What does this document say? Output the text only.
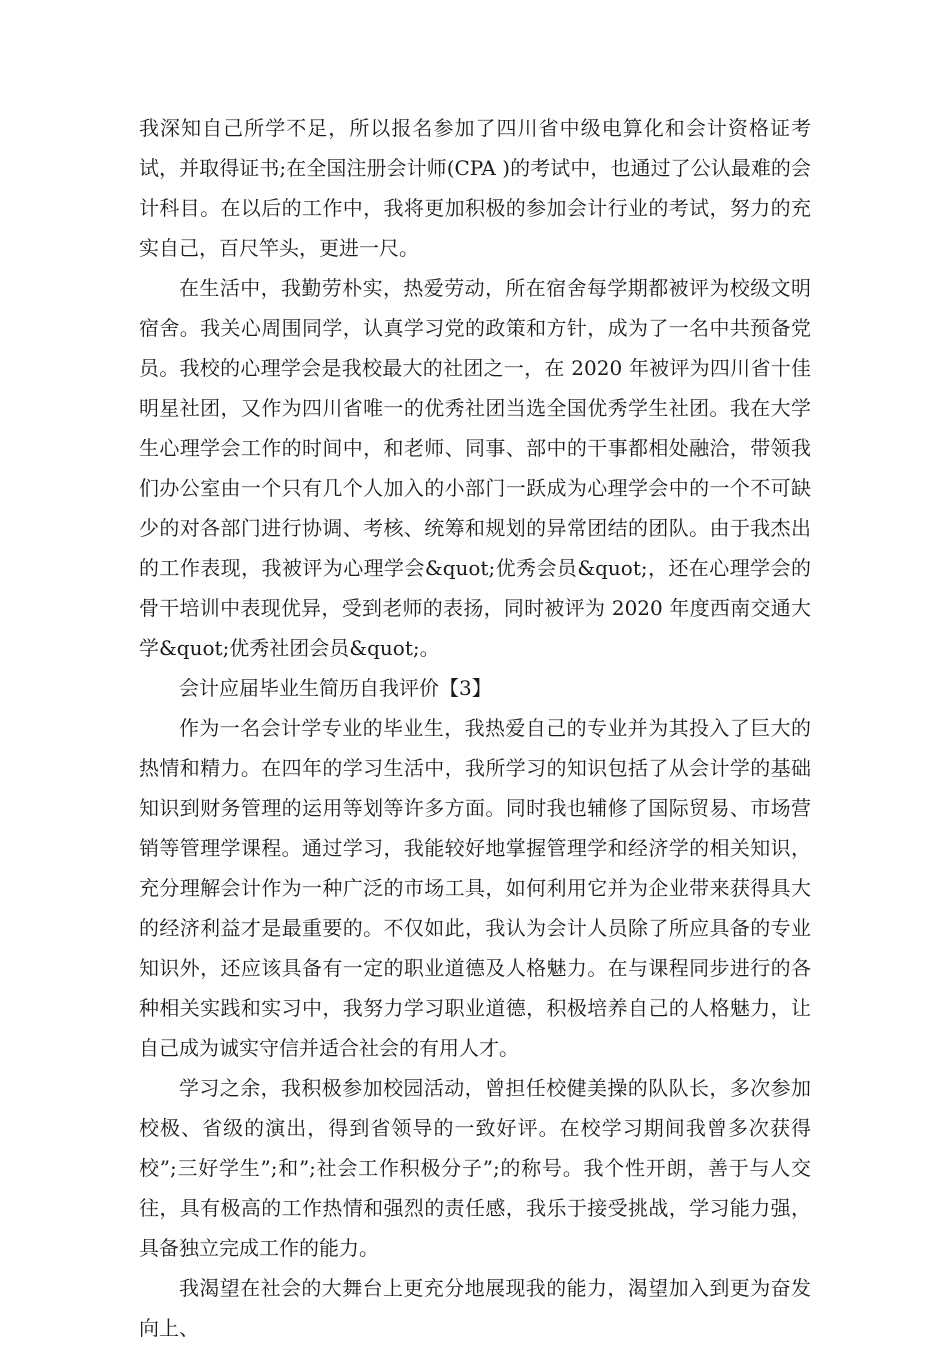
我深知自己所学不足，所以报名参加了四川省中级电算化和会计资格证考试，并取得证书;在全国注册会计师(CPA )的考试中，也通过了公认最难的会计科目。在以后的工作中，我将更加积极的参加会计行业的考试，努力的充实自己，百尺竿头，更进一尺。

在生活中，我勤劳朴实，热爱劳动，所在宿舍每学期都被评为校级文明宿舍。我关心周围同学，认真学习党的政策和方针，成为了一名中共预备党员。我校的心理学会是我校最大的社团之一，在 2020 年被评为四川省十佳明星社团，又作为四川省唯一的优秀社团当选全国优秀学生社团。我在大学生心理学会工作的时间中，和老师、同事、部中的干事都相处融洽，带领我们办公室由一个只有几个人加入的小部门一跃成为心理学会中的一个不可缺少的对各部门进行协调、考核、统筹和规划的异常团结的团队。由于我杰出的工作表现，我被评为心理学会&quot;优秀会员&quot;，还在心理学会的骨干培训中表现优异，受到老师的表扬，同时被评为 2020 年度西南交通大学&quot;优秀社团会员&quot;。

会计应届毕业生简历自我评价【3】

作为一名会计学专业的毕业生，我热爱自己的专业并为其投入了巨大的热情和精力。在四年的学习生活中，我所学习的知识包括了从会计学的基础知识到财务管理的运用等划等许多方面。同时我也辅修了国际贸易、市场营销等管理学课程。通过学习，我能较好地掌握管理学和经济学的相关知识，充分理解会计作为一种广泛的市场工具，如何利用它并为企业带来获得具大的经济利益才是最重要的。不仅如此，我认为会计人员除了所应具备的专业知识外，还应该具备有一定的职业道德及人格魅力。在与课程同步进行的各种相关实践和实习中，我努力学习职业道德，积极培养自己的人格魅力，让自己成为诚实守信并适合社会的有用人才。

学习之余，我积极参加校园活动，曾担任校健美操的队队长，多次参加校极、省级的演出，得到省领导的一致好评。在校学习期间我曾多次获得校”;三好学生”;和”;社会工作积极分子”;的称号。我个性开朗，善于与人交往，具有极高的工作热情和强烈的责任感，我乐于接受挑战，学习能力强，具备独立完成工作的能力。

我渴望在社会的大舞台上更充分地展现我的能力，渴望加入到更为奋发向上、
